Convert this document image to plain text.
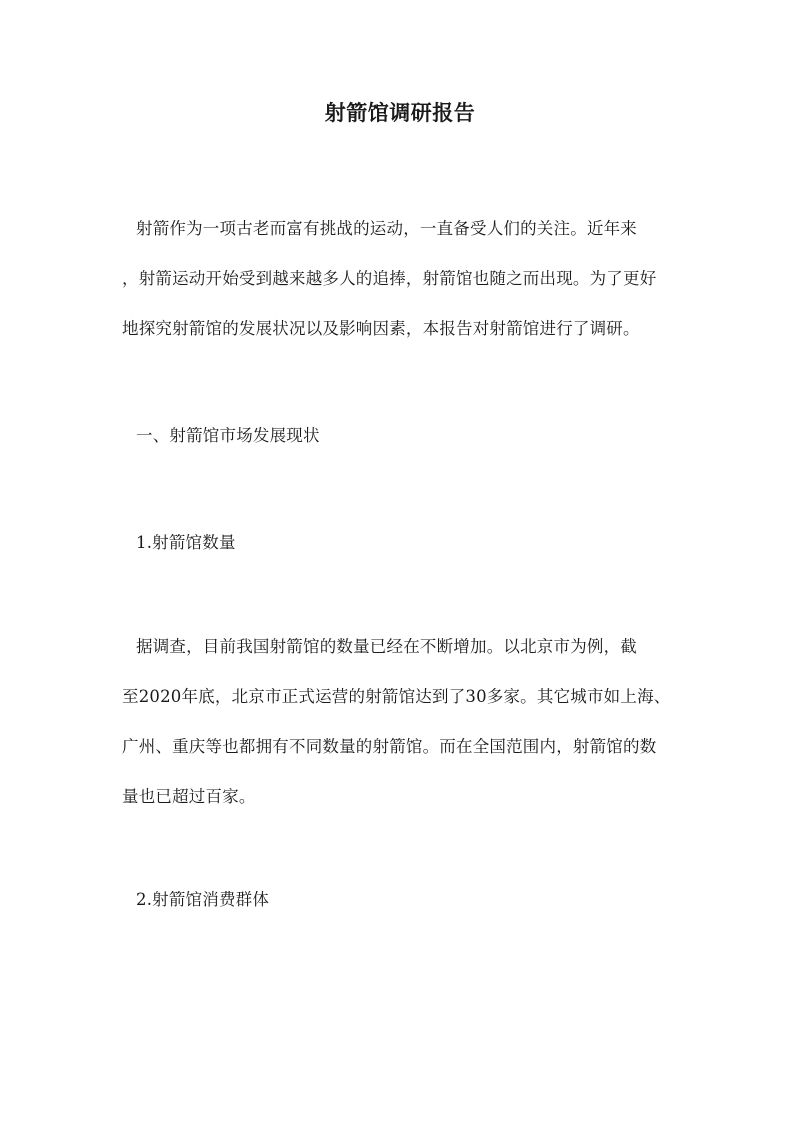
射箭馆调研报告
射箭作为一项古老而富有挑战的运动，一直备受人们的关注。近年来
，射箭运动开始受到越来越多人的追捧，射箭馆也随之而出现。为了更好
地探究射箭馆的发展状况以及影响因素，本报告对射箭馆进行了调研。
一、射箭馆市场发展现状
1.射箭馆数量
据调查，目前我国射箭馆的数量已经在不断增加。以北京市为例，截
至2020年底，北京市正式运营的射箭馆达到了30多家。其它城市如上海、
广州、重庆等也都拥有不同数量的射箭馆。而在全国范围内，射箭馆的数
量也已超过百家。
2.射箭馆消费群体
